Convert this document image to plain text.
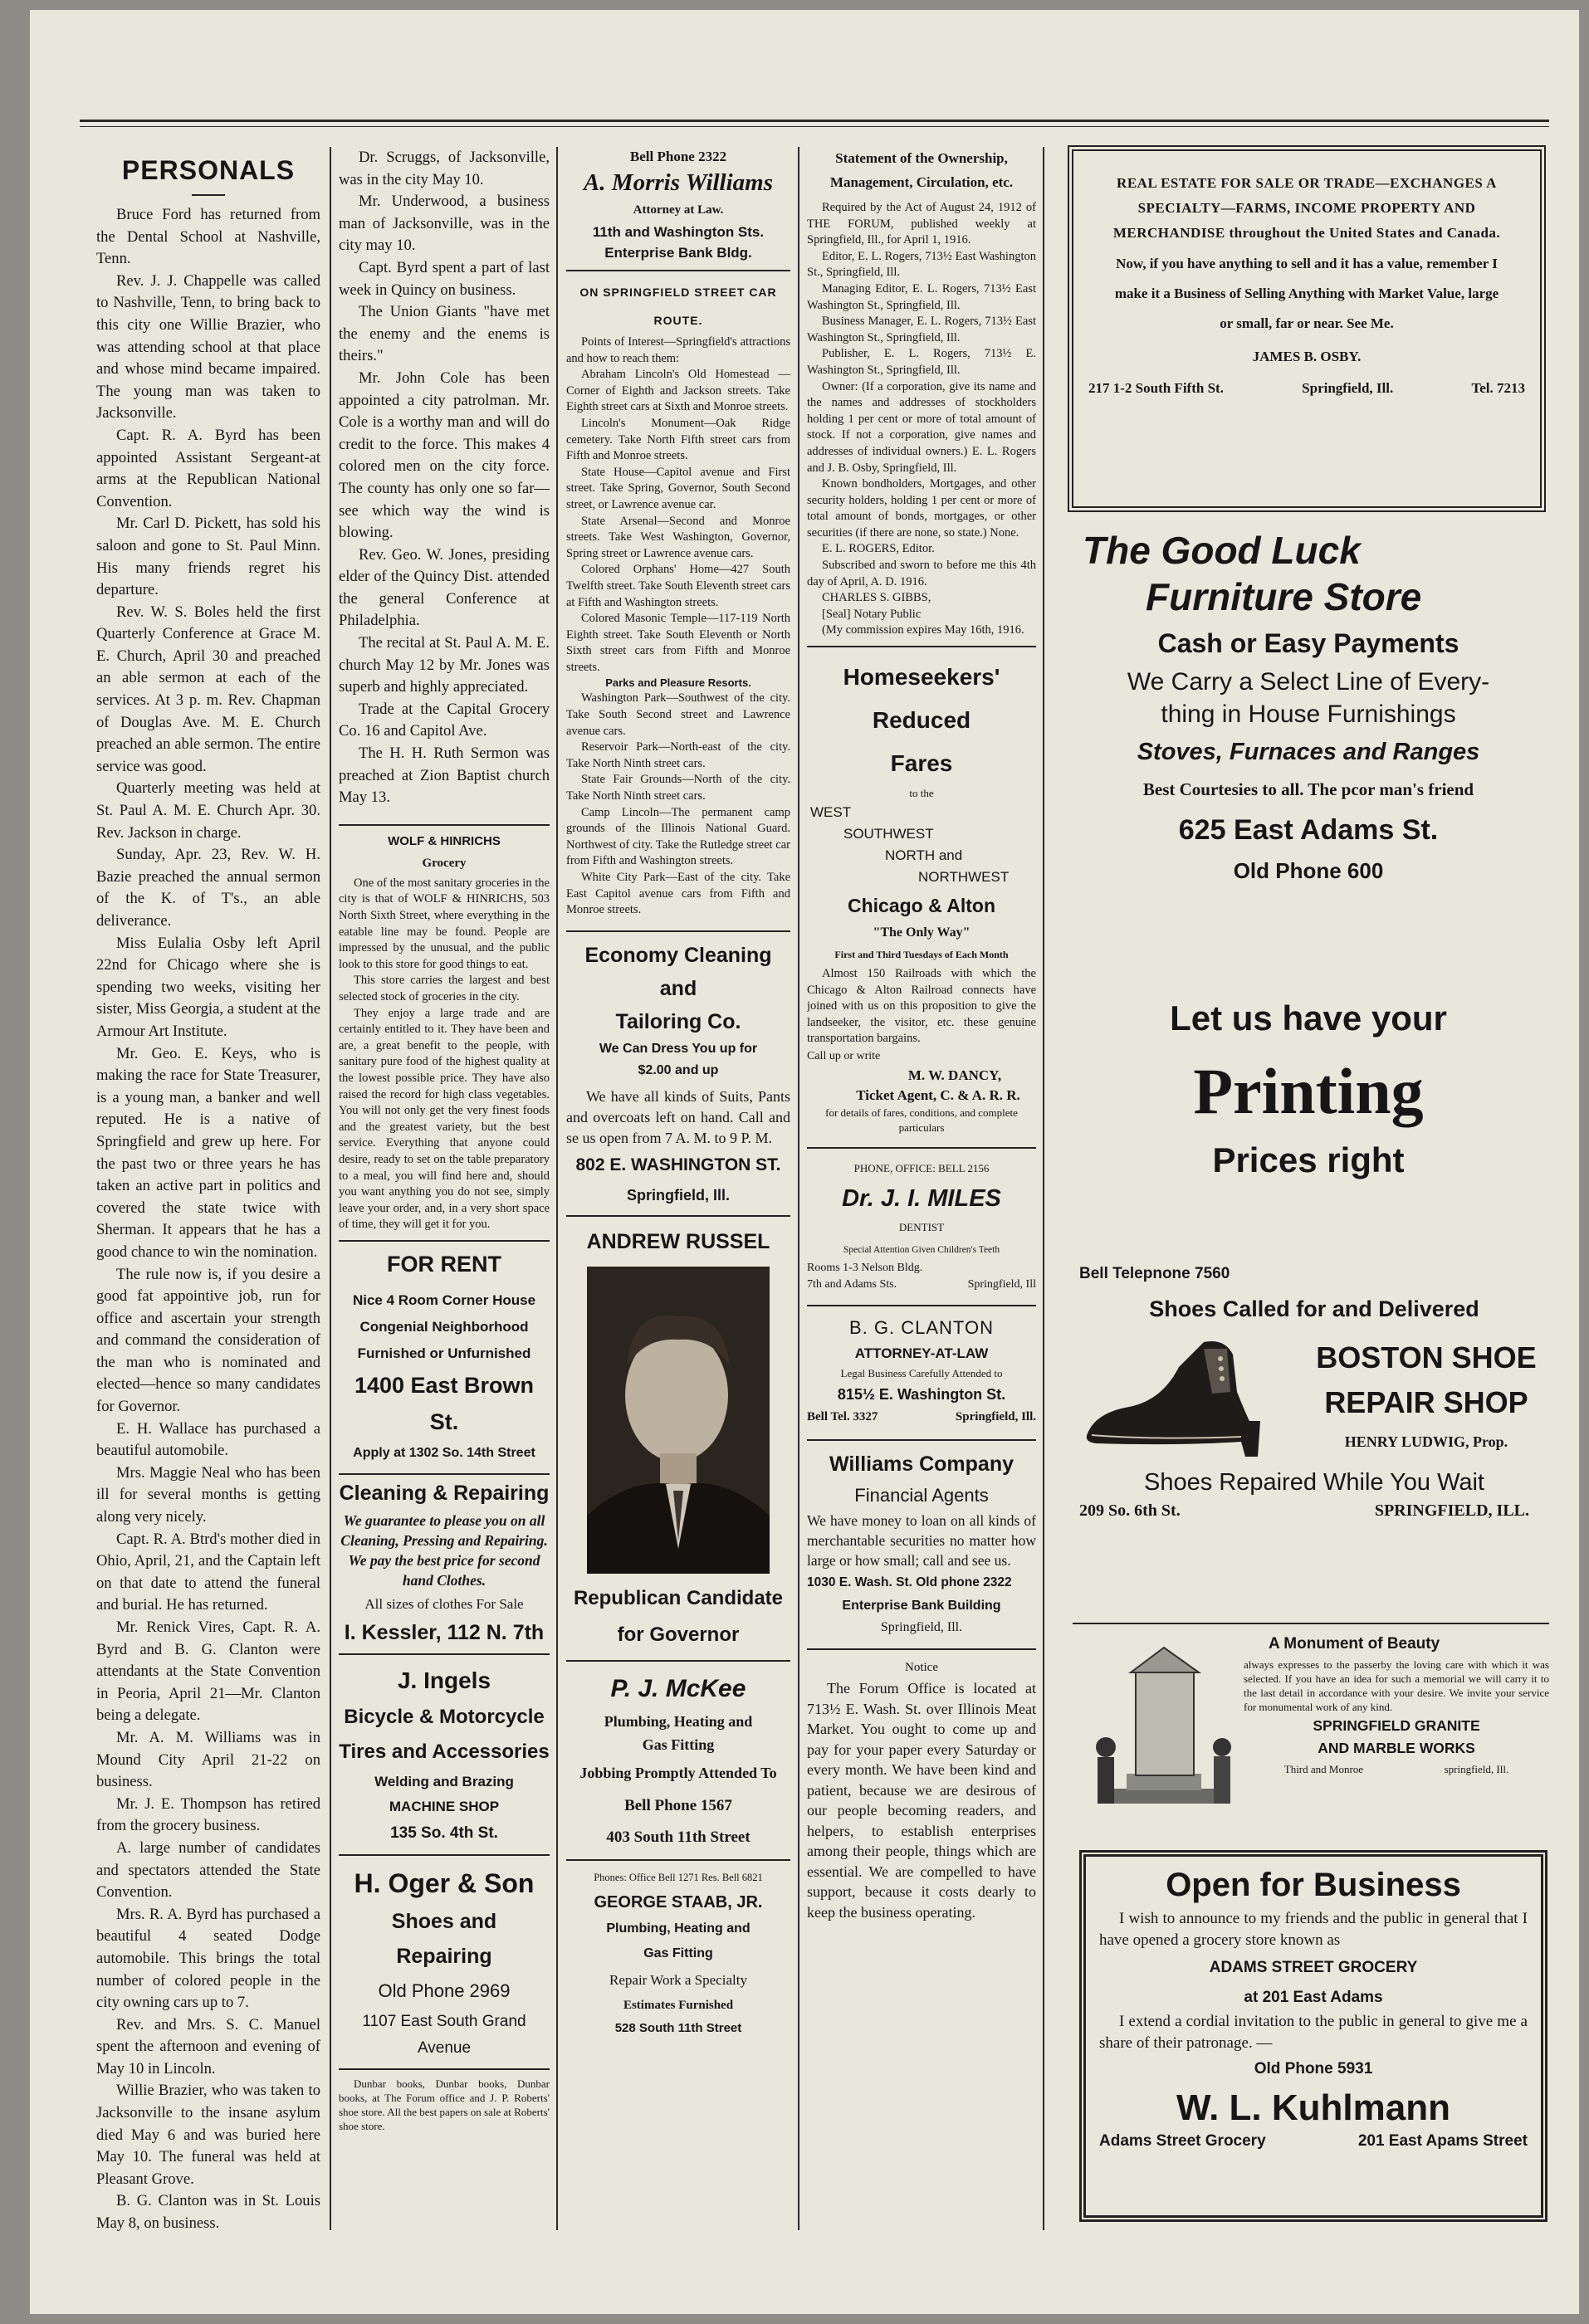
PERSONALS

Bruce Ford has returned from the Dental School at Nashville, Tenn.

Rev. J. J. Chappelle was called to Nashville, Tenn, to bring back to this city one Willie Brazier, who was attending school at that place and whose mind became impaired. The young man was taken to Jacksonville.

Capt. R. A. Byrd has been appointed Assistant Sergeant-at arms at the Republican National Convention.

Mr. Carl D. Pickett, has sold his saloon and gone to St. Paul Minn. His many friends regret his departure.

Rev. W. S. Boles held the first Quarterly Conference at Grace M. E. Church, April 30 and preached an able sermon at each of the services. At 3 p. m. Rev. Chapman of Douglas Ave. M. E. Church preached an able sermon. The entire service was good.

Quarterly meeting was held at St. Paul A. M. E. Church Apr. 30. Rev. Jackson in charge.

Sunday, Apr. 23, Rev. W. H. Bazie preached the annual sermon of the K. of T's., an able deliverance.

Miss Eulalia Osby left April 22nd for Chicago where she is spending two weeks, visiting her sister, Miss Georgia, a student at the Armour Art Institute.

Mr. Geo. E. Keys, who is making the race for State Treasurer, is a young man, a banker and well reputed. He is a native of Springfield and grew up here. For the past two or three years he has taken an active part in politics and covered the state twice with Sherman. It appears that he has a good chance to win the nomination.

The rule now is, if you desire a good fat appointive job, run for office and ascertain your strength and command the consideration of the man who is nominated and elected—hence so many candidates for Governor.

E. H. Wallace has purchased a beautiful automobile.

Mrs. Maggie Neal who has been ill for several months is getting along very nicely.

Capt. R. A. Btrd's mother died in Ohio, April, 21, and the Captain left on that date to attend the funeral and burial. He has returned.

Mr. Renick Vires, Capt. R. A. Byrd and B. G. Clanton were attendants at the State Convention in Peoria, April 21—Mr. Clanton being a delegate.

Mr. A. M. Williams was in Mound City April 21-22 on business.

Mr. J. E. Thompson has retired from the grocery business.

A. large number of candidates and spectators attended the State Convention.

Mrs. R. A. Byrd has purchased a beautiful 4 seated Dodge automobile. This brings the total number of colored people in the city owning cars up to 7.

Rev. and Mrs. S. C. Manuel spent the afternoon and evening of May 10 in Lincoln.

Willie Brazier, who was taken to Jacksonville to the insane asylum died May 6 and was buried here May 10. The funeral was held at Pleasant Grove.

B. G. Clanton was in St. Louis May 8, on business.

Dr. Scruggs, of Jacksonville, was in the city May 10.

Mr. Underwood, a business man of Jacksonville, was in the city may 10.

Capt. Byrd spent a part of last week in Quincy on business.

The Union Giants "have met the enemy and the enems is theirs."

Mr. John Cole has been appointed a city patrolman. Mr. Cole is a worthy man and will do credit to the force. This makes 4 colored men on the city force. The county has only one so far—see which way the wind is blowing.

Rev. Geo. W. Jones, presiding elder of the Quincy Dist. attended the general Conference at Philadelphia.

The recital at St. Paul A. M. E. church May 12 by Mr. Jones was superb and highly appreciated.

Trade at the Capital Grocery Co. 16 and Capitol Ave.

The H. H. Ruth Sermon was preached at Zion Baptist church May 13.

WOLF & HINRICHS
Grocery

One of the most sanitary groceries in the city is that of WOLF & HINRICHS, 503 North Sixth Street, where everything in the eatable line may be found. People are impressed by the unusual, and the public look to this store for good things to eat.

This store carries the largest and best selected stock of groceries in the city.

They enjoy a large trade and are certainly entitled to it. They have been and are, a great benefit to the people, with sanitary pure food of the highest quality at the lowest possible price. They have also raised the record for high class vegetables. You will not only get the very finest foods and the greatest variety, but the best service. Everything that anyone could desire, ready to set on the table preparatory to a meal, you will find here and, should you want anything you do not see, simply leave your order, and, in a very short space of time, they will get it for you.

FOR RENT
Nice 4 Room Corner House
Congenial Neighborhood
Furnished or Unfurnished
1400 East Brown St.
Apply at 1302 So. 14th Street
Cleaning & Repairing
We guarantee to please you on all Cleaning, Pressing and Repairing. We pay the best price for second hand Clothes.
All sizes of clothes For Sale
I. Kessler, 112 N. 7th
J. Ingels
Bicycle & Motorcycle
Tires and Accessories
Welding and Brazing
MACHINE SHOP
135 So. 4th St.
H. Oger & Son
Shoes and
Repairing
Old Phone 2969
1107 East South Grand Avenue

Dunbar books, Dunbar books, Dunbar books, at The Forum office and J. P. Roberts' shoe store. All the best papers on sale at Roberts' shoe store.

Bell Phone 2322
A. Morris Williams
Attorney at Law.
11th and Washington Sts.
Enterprise Bank Bldg.
ON SPRINGFIELD STREET CAR ROUTE.

Points of Interest—Springfield's attractions and how to reach them:

Abraham Lincoln's Old Homestead —Corner of Eighth and Jackson streets. Take Eighth street cars at Sixth and Monroe streets.

Lincoln's Monument—Oak Ridge cemetery. Take North Fifth street cars from Fifth and Monroe streets.

State House—Capitol avenue and First street. Take Spring, Governor, South Second street, or Lawrence avenue car.

State Arsenal—Second and Monroe streets. Take West Washington, Governor, Spring street or Lawrence avenue cars.

Colored Orphans' Home—427 South Twelfth street. Take South Eleventh street cars at Fifth and Washington streets.

Colored Masonic Temple—117-119 North Eighth street. Take South Eleventh or North Sixth street cars from Fifth and Monroe streets.

Parks and Pleasure Resorts.

Washington Park—Southwest of the city. Take South Second street and Lawrence avenue cars.

Reservoir Park—North-east of the city. Take North Ninth street cars.

State Fair Grounds—North of the city. Take North Ninth street cars.

Camp Lincoln—The permanent camp grounds of the Illinois National Guard. Northwest of city. Take the Rutledge street car from Fifth and Washington streets.

White City Park—East of the city. Take East Capitol avenue cars from Fifth and Monroe streets.

Economy Cleaning and
Tailoring Co.
We Can Dress You up for
$2.00 and up

We have all kinds of Suits, Pants and overcoats left on hand. Call and se us open from 7 A. M. to 9 P. M.

802 E. WASHINGTON ST.
Springfield, Ill.
ANDREW RUSSEL
Republican Candidate
for Governor
P. J. McKee
Plumbing, Heating and
Gas Fitting
Jobbing Promptly Attended To
Bell Phone 1567
403 South 11th Street
Phones: Office Bell 1271 Res. Bell 6821
GEORGE STAAB, JR.
Plumbing, Heating and
Gas Fitting
Repair Work a Specialty
Estimates Furnished
528 South 11th Street
Statement of the Ownership,
Management, Circulation, etc.

Required by the Act of August 24, 1912 of THE FORUM, published weekly at Springfield, Ill., for April 1, 1916.

Editor, E. L. Rogers, 713½ East Washington St., Springfield, Ill.

Managing Editor, E. L. Rogers, 713½ East Washington St., Springfield, Ill.

Business Manager, E. L. Rogers, 713½ East Washington St., Springfield, Ill.

Publisher, E. L. Rogers, 713½ E. Washington St., Springfield, Ill.

Owner: (If a corporation, give its name and the names and addresses of stockholders holding 1 per cent or more of total amount of stock. If not a corporation, give names and addresses of individual owners.) E. L. Rogers and J. B. Osby, Springfield, Ill.

Known bondholders, Mortgages, and other security holders, holding 1 per cent or more of total amount of bonds, mortgages, or other securities (if there are none, so state.) None.

E. L. ROGERS, Editor.

Subscribed and sworn to before me this 4th day of April, A. D. 1916.

CHARLES S. GIBBS,

[Seal] Notary Public

(My commission expires May 16th, 1916.

Homeseekers'
Reduced
Fares
to the
WEST
SOUTHWEST
NORTH and
NORTHWEST
Chicago & Alton
"The Only Way"
First and Third Tuesdays of Each Month

Almost 150 Railroads with which the Chicago & Alton Railroad connects have joined with us on this proposition to give the landseeker, the visitor, etc. these genuine transportation bargains.

Call up or write
M. W. DANCY,
Ticket Agent, C. & A. R. R.
for details of fares, conditions, and complete particulars
PHONE, OFFICE: BELL 2156
Dr. J. I. MILES
DENTIST
Special Attention Given Children's Teeth
Rooms 1-3 Nelson Bldg.
7th and Adams Sts.	Springfield, Ill
B. G. CLANTON
ATTORNEY-AT-LAW
Legal Business Carefully Attended to
815½ E. Washington St.
Bell Tel. 3327	Springfield, Ill.
Williams Company
Financial Agents

We have money to loan on all kinds of merchantable securities no matter how large or how small; call and see us.

1030 E. Wash. St. Old phone 2322
Enterprise Bank Building
Springfield, Ill.
Notice

The Forum Office is located at 713½ E. Wash. St. over Illinois Meat Market. You ought to come up and pay for your paper every Saturday or every month. We have been kind and patient, because we are desirous of our people becoming readers, and helpers, to establish enterprises among their people, things which are essential. We are compelled to have support, because it costs dearly to keep the business operating.

REAL ESTATE FOR SALE OR TRADE—EXCHANGES A SPECIALTY—FARMS, INCOME PROPERTY AND MERCHANDISE throughout the United States and Canada.
Now, if you have anything to sell and it has a value, remember I make it a Business of Selling Anything with Market Value, large or small, far or near. See Me.
JAMES B. OSBY.
217 1-2 South Fifth St.	Springfield, Ill.	Tel. 7213
The Good Luck
Furniture Store
Cash or Easy Payments
We Carry a Select Line of Every-
thing in House Furnishings
Stoves, Furnaces and Ranges
Best Courtesies to all. The pcor man's friend
625 East Adams St.
Old Phone 600
Let us have your
Printing
Prices right
Bell Telepnone 7560
Shoes Called for and Delivered
BOSTON SHOE
REPAIR SHOP
HENRY LUDWIG, Prop.
Shoes Repaired While You Wait
209 So. 6th St.	SPRINGFIELD, ILL.
A Monument of Beauty

always expresses to the passerby the loving care with which it was selected. If you have an idea for such a memorial we will carry it to the last detail in accordance with your desire. We invite your service for monumental work of any kind.

SPRINGFIELD GRANITE
AND MARBLE WORKS
Third and Monroe	springfield, Ill.
Open for Business

I wish to announce to my friends and the public in general that I have opened a grocery store known as

ADAMS STREET GROCERY
at 201 East Adams

I extend a cordial invitation to the public in general to give me a share of their patronage. —

Old Phone 5931
W. L. Kuhlmann
Adams Street Grocery	201 East Apams Street
